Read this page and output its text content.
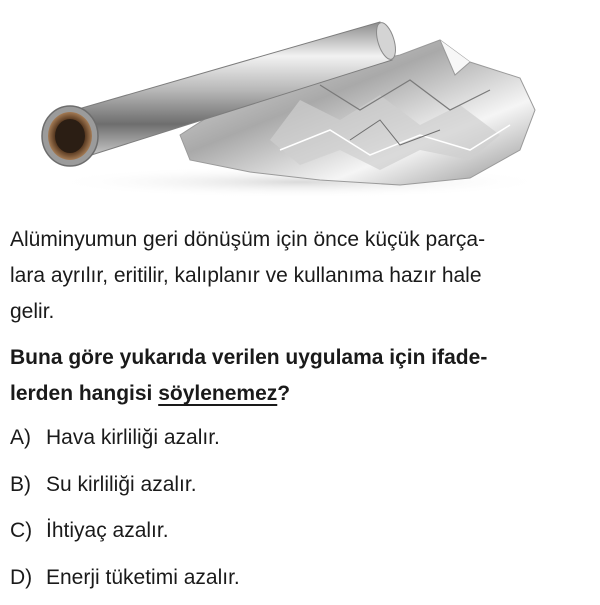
Alüminyumun geri dönüşüm için önce küçük parça-
lara ayrılır, eritilir, kalıplanır ve kullanıma hazır hale
gelir.
Buna göre yukarıda verilen uygulama için ifade-
lerden hangisi söylenemez?
A) Hava kirliliği azalır.
B) Su kirliliği azalır.
C) İhtiyaç azalır.
D) Enerji tüketimi azalır.
